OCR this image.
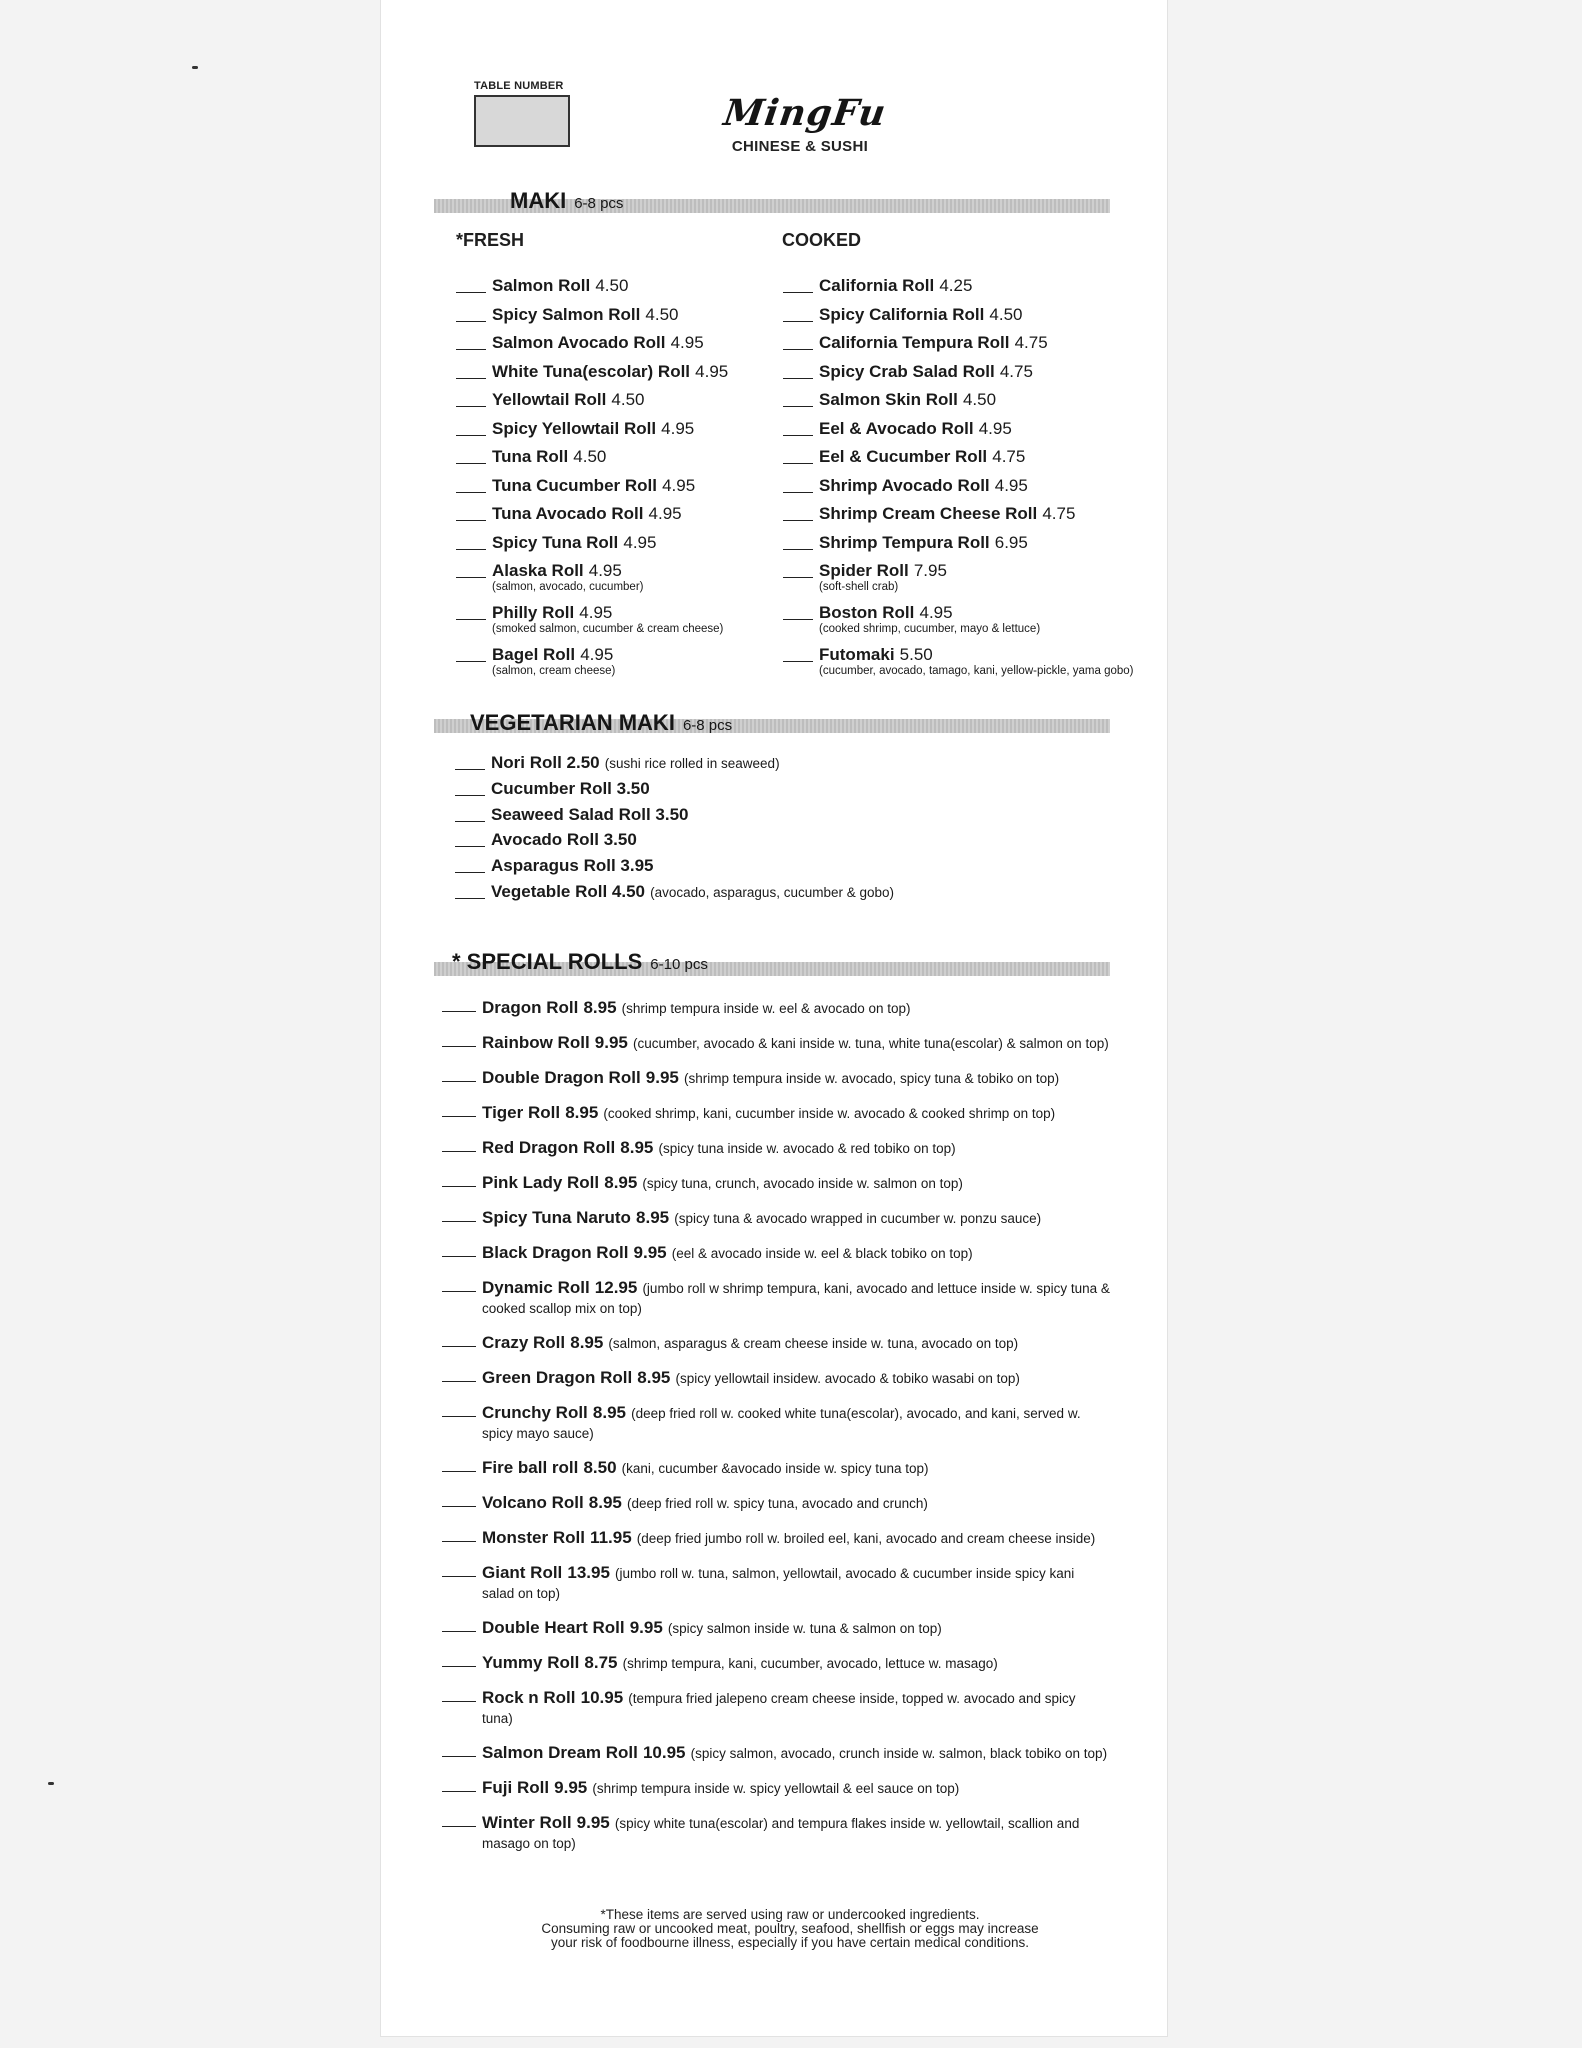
TABLE NUMBER
MingFu
CHINESE & SUSHI
MAKI 6-8 pcs
*FRESH	COOKED
Salmon Roll 4.50
Spicy Salmon Roll 4.50
Salmon Avocado Roll 4.95
White Tuna(escolar) Roll 4.95
Yellowtail Roll 4.50
Spicy Yellowtail Roll 4.95
Tuna Roll 4.50
Tuna Cucumber Roll 4.95
Tuna Avocado Roll 4.95
Spicy Tuna Roll 4.95
Alaska Roll 4.95
(salmon, avocado, cucumber)
Philly Roll 4.95
(smoked salmon, cucumber & cream cheese)
Bagel Roll 4.95
(salmon, cream cheese)
California Roll 4.25
Spicy California Roll 4.50
California Tempura Roll 4.75
Spicy Crab Salad Roll 4.75
Salmon Skin Roll 4.50
Eel & Avocado Roll 4.95
Eel & Cucumber Roll 4.75
Shrimp Avocado Roll 4.95
Shrimp Cream Cheese Roll 4.75
Shrimp Tempura Roll 6.95
Spider Roll 7.95
(soft-shell crab)
Boston Roll 4.95
(cooked shrimp, cucumber, mayo & lettuce)
Futomaki 5.50
(cucumber, avocado, tamago, kani, yellow-pickle, yama gobo)
VEGETARIAN MAKI 6-8 pcs
Nori Roll 2.50 (sushi rice rolled in seaweed)
Cucumber Roll 3.50
Seaweed Salad Roll 3.50
Avocado Roll 3.50
Asparagus Roll 3.95
Vegetable Roll 4.50 (avocado, asparagus, cucumber & gobo)
* SPECIAL ROLLS 6-10 pcs
Dragon Roll 8.95 (shrimp tempura inside w. eel & avocado on top)
Rainbow Roll 9.95 (cucumber, avocado & kani inside w. tuna, white tuna(escolar) & salmon on top)
Double Dragon Roll 9.95 (shrimp tempura inside w. avocado, spicy tuna & tobiko on top)
Tiger Roll 8.95 (cooked shrimp, kani, cucumber inside w. avocado & cooked shrimp on top)
Red Dragon Roll 8.95 (spicy tuna inside w. avocado & red tobiko on top)
Pink Lady Roll 8.95 (spicy tuna, crunch, avocado inside w. salmon on top)
Spicy Tuna Naruto 8.95 (spicy tuna & avocado wrapped in cucumber w. ponzu sauce)
Black Dragon Roll 9.95 (eel & avocado inside w. eel & black tobiko on top)
Dynamic Roll 12.95 (jumbo roll w shrimp tempura, kani, avocado and lettuce inside w. spicy tuna & cooked scallop mix on top)
Crazy Roll 8.95 (salmon, asparagus & cream cheese inside w. tuna, avocado on top)
Green Dragon Roll 8.95 (spicy yellowtail insidew. avocado & tobiko wasabi on top)
Crunchy Roll 8.95 (deep fried roll w. cooked white tuna(escolar), avocado, and kani, served w. spicy mayo sauce)
Fire ball roll 8.50 (kani, cucumber &avocado inside w. spicy tuna top)
Volcano Roll 8.95 (deep fried roll w. spicy tuna, avocado and crunch)
Monster Roll 11.95 (deep fried jumbo roll w. broiled eel, kani, avocado and cream cheese inside)
Giant Roll 13.95 (jumbo roll w. tuna, salmon, yellowtail, avocado & cucumber inside spicy kani salad on top)
Double Heart Roll 9.95 (spicy salmon inside w. tuna & salmon on top)
Yummy Roll 8.75 (shrimp tempura, kani, cucumber, avocado, lettuce w. masago)
Rock n Roll 10.95 (tempura fried jalepeno cream cheese inside, topped w. avocado and spicy tuna)
Salmon Dream Roll 10.95 (spicy salmon, avocado, crunch inside w. salmon, black tobiko on top)
Fuji Roll 9.95 (shrimp tempura inside w. spicy yellowtail & eel sauce on top)
Winter Roll 9.95 (spicy white tuna(escolar) and tempura flakes inside w. yellowtail, scallion and masago on top)
*These items are served using raw or undercooked ingredients.
Consuming raw or uncooked meat, poultry, seafood, shellfish or eggs may increase
your risk of foodbourne illness, especially if you have certain medical conditions.
